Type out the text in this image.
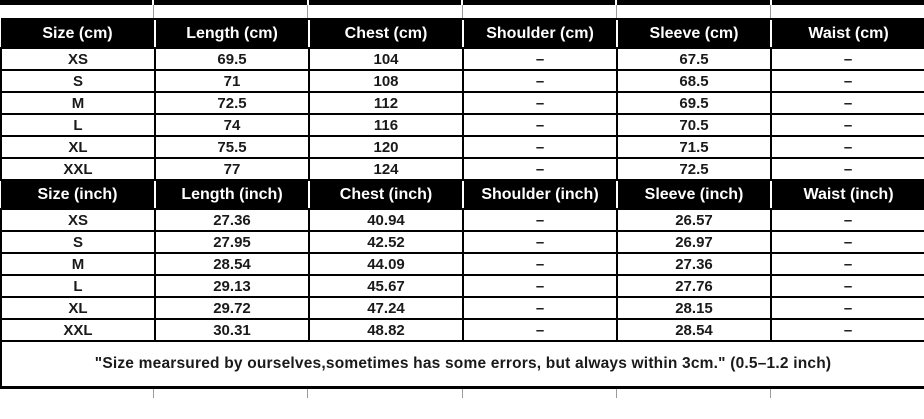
Size (cm)	Length (cm)	Chest (cm)	Shoulder (cm)	Sleeve (cm)	Waist (cm)
XS	69.5	104	–	67.5	–
S	71	108	–	68.5	–
M	72.5	112	–	69.5	–
L	74	116	–	70.5	–
XL	75.5	120	–	71.5	–
XXL	77	124	–	72.5	–
Size (inch)	Length (inch)	Chest (inch)	Shoulder (inch)	Sleeve (inch)	Waist (inch)
XS	27.36	40.94	–	26.57	–
S	27.95	42.52	–	26.97	–
M	28.54	44.09	–	27.36	–
L	29.13	45.67	–	27.76	–
XL	29.72	47.24	–	28.15	–
XXL	30.31	48.82	–	28.54	–
"Size mearsured by ourselves,sometimes has some errors, but always within 3cm." (0.5–1.2 inch)					
